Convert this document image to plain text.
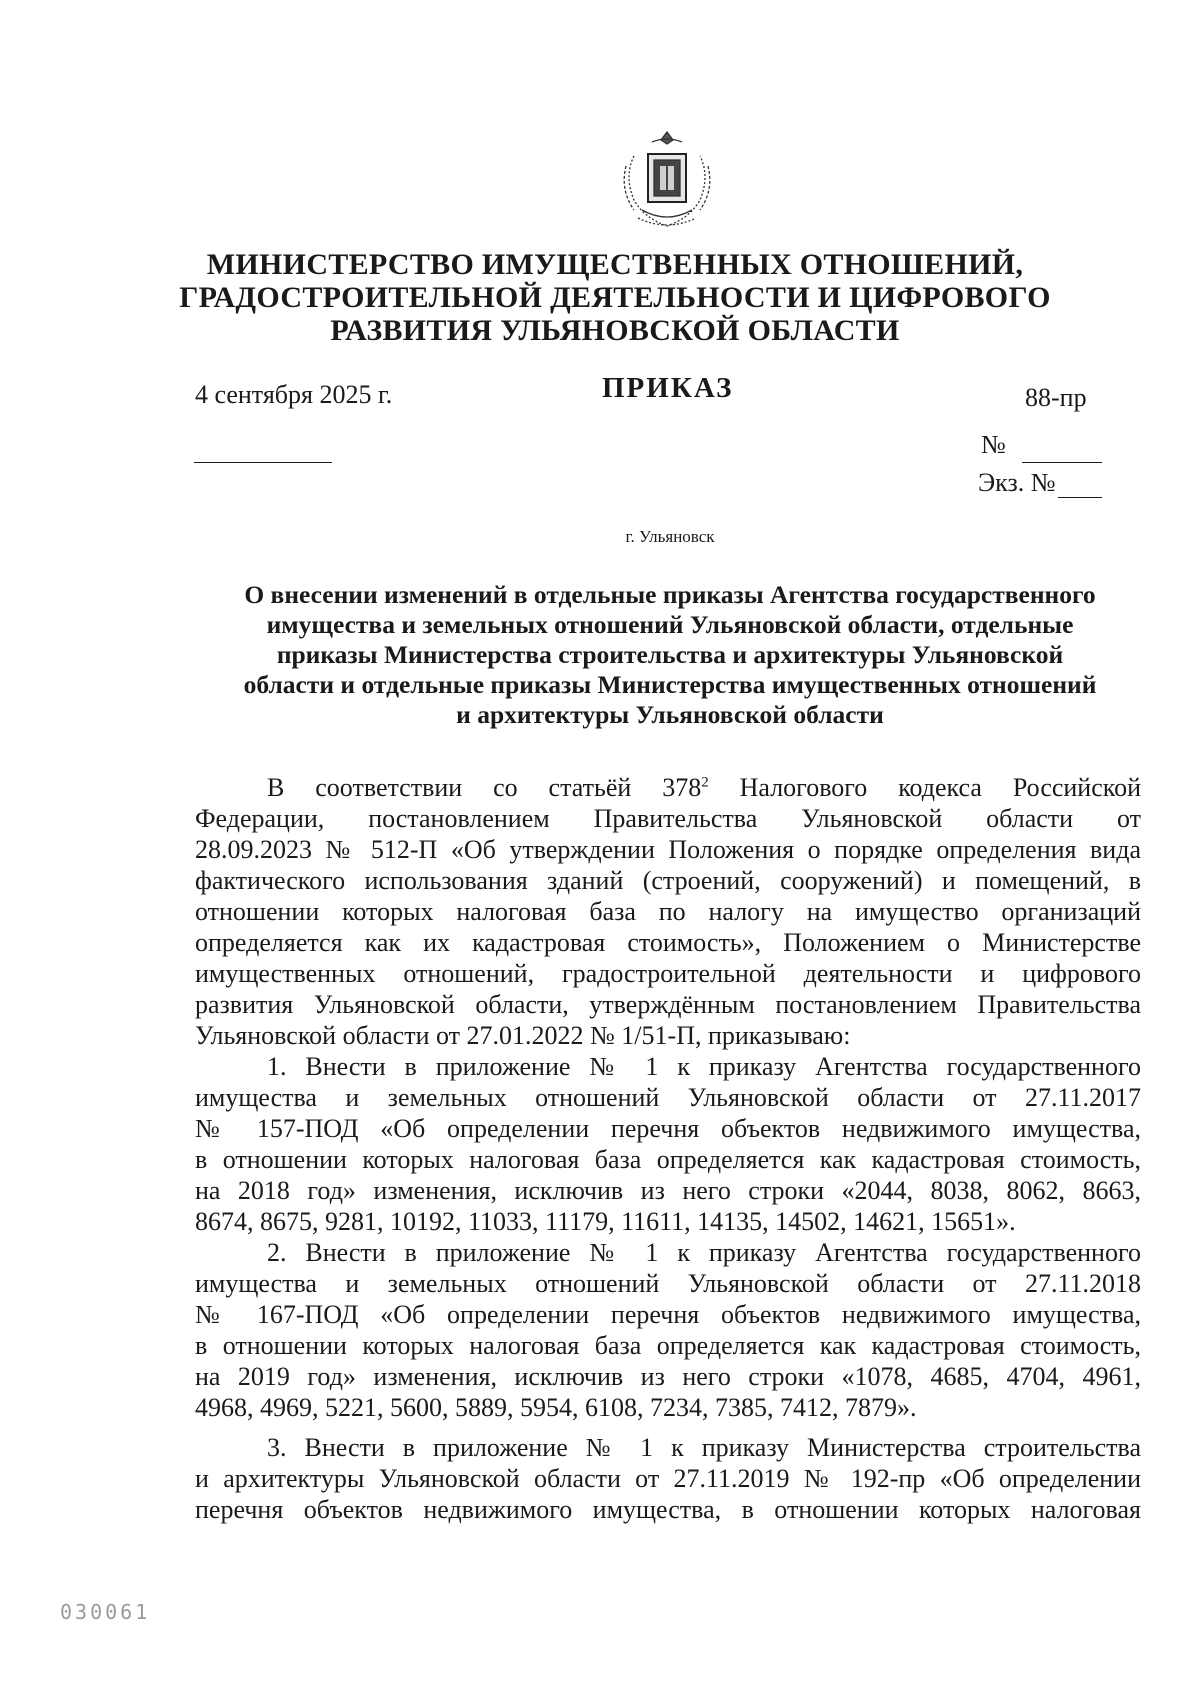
МИНИСТЕРСТВО ИМУЩЕСТВЕННЫХ ОТНОШЕНИЙ,
ГРАДОСТРОИТЕЛЬНОЙ ДЕЯТЕЛЬНОСТИ И ЦИФРОВОГО
РАЗВИТИЯ УЛЬЯНОВСКОЙ ОБЛАСТИ
4 сентября 2025 г.	ПРИКАЗ	88-пр
№
Экз. №
г. Ульяновск
О внесении изменений в отдельные приказы Агентства государственного
имущества и земельных отношений Ульяновской области, отдельные
приказы Министерства строительства и архитектуры Ульяновской
области и отдельные приказы Министерства имущественных отношений
и архитектуры Ульяновской области
В соответствии со статьёй $378^2$ Налогового кодекса Российской
Федерации, постановлением Правительства Ульяновской области от
28.09.2023 № 512-П «Об утверждении Положения о порядке определения вида
фактического использования зданий (строений, сооружений) и помещений, в
отношении которых налоговая база по налогу на имущество организаций
определяется как их кадастровая стоимость», Положением о Министерстве
имущественных отношений, градостроительной деятельности и цифрового
развития Ульяновской области, утверждённым постановлением Правительства
Ульяновской области от 27.01.2022 № 1/51-П, приказываю:
1. Внести в приложение № 1 к приказу Агентства государственного
имущества и земельных отношений Ульяновской области от 27.11.2017
№ 157-ПОД «Об определении перечня объектов недвижимого имущества,
в отношении которых налоговая база определяется как кадастровая стоимость,
на 2018 год» изменения, исключив из него строки «2044, 8038, 8062, 8663,
8674, 8675, 9281, 10192, 11033, 11179, 11611, 14135, 14502, 14621, 15651».
2. Внести в приложение № 1 к приказу Агентства государственного
имущества и земельных отношений Ульяновской области от 27.11.2018
№ 167-ПОД «Об определении перечня объектов недвижимого имущества,
в отношении которых налоговая база определяется как кадастровая стоимость,
на 2019 год» изменения, исключив из него строки «1078, 4685, 4704, 4961,
4968, 4969, 5221, 5600, 5889, 5954, 6108, 7234, 7385, 7412, 7879».
3. Внести в приложение № 1 к приказу Министерства строительства
и архитектуры Ульяновской области от 27.11.2019 № 192-пр «Об определении
перечня объектов недвижимого имущества, в отношении которых налоговая
030061
